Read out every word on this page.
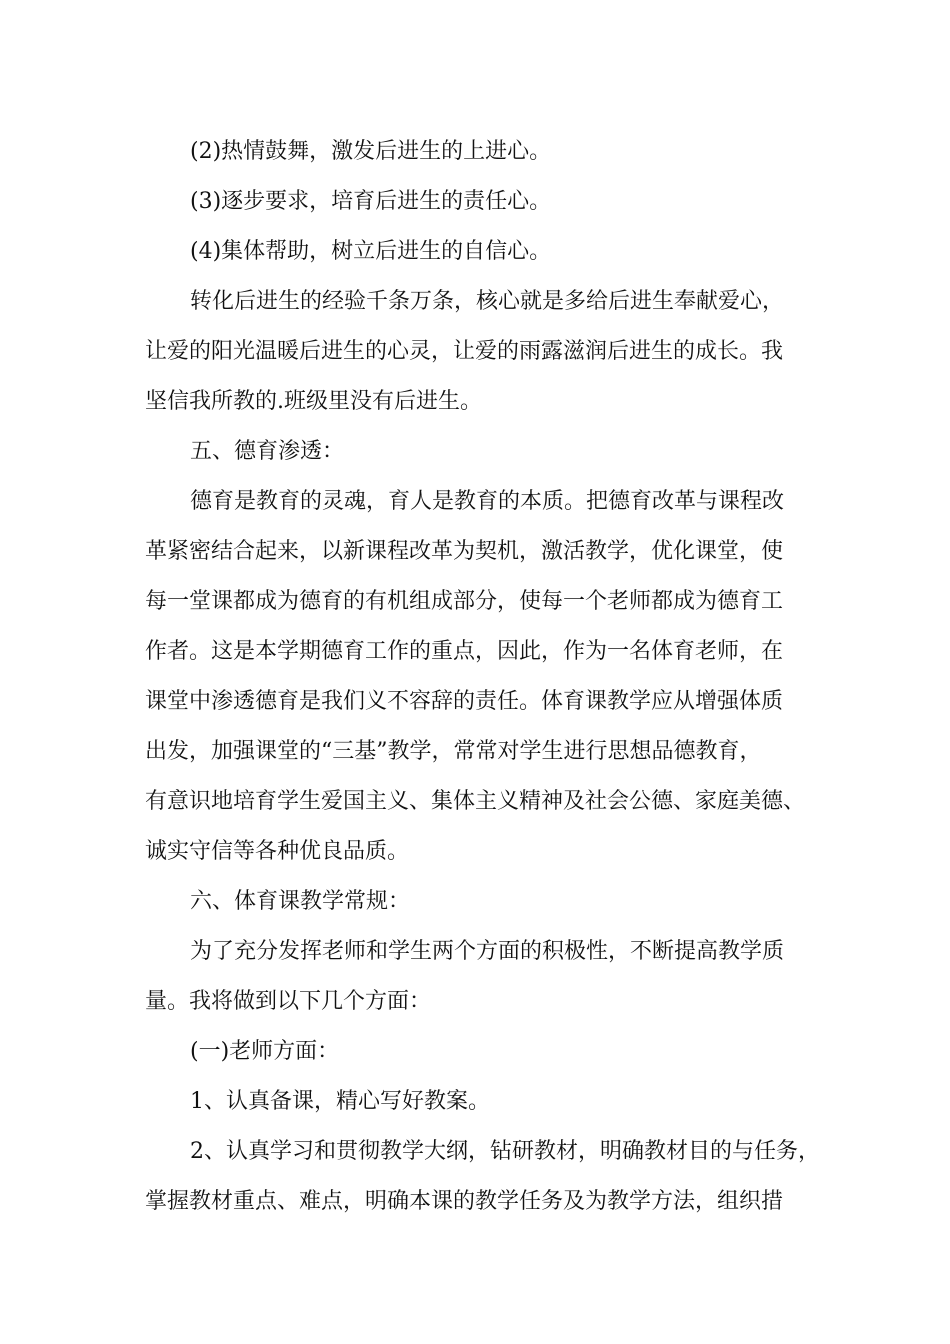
(2)热情鼓舞，激发后进生的上进心。
(3)逐步要求，培育后进生的责任心。
(4)集体帮助，树立后进生的自信心。
转化后进生的经验千条万条，核心就是多给后进生奉献爱心，
让爱的阳光温暖后进生的心灵，让爱的雨露滋润后进生的成长。我
坚信我所教的.班级里没有后进生。
五、德育渗透：
德育是教育的灵魂，育人是教育的本质。把德育改革与课程改
革紧密结合起来，以新课程改革为契机，激活教学，优化课堂，使
每一堂课都成为德育的有机组成部分，使每一个老师都成为德育工
作者。这是本学期德育工作的重点，因此，作为一名体育老师，在
课堂中渗透德育是我们义不容辞的责任。体育课教学应从增强体质
出发，加强课堂的“三基”教学，常常对学生进行思想品德教育，
有意识地培育学生爱国主义、集体主义精神及社会公德、家庭美德、
诚实守信等各种优良品质。
六、体育课教学常规：
为了充分发挥老师和学生两个方面的积极性，不断提高教学质
量。我将做到以下几个方面：
(一)老师方面：
1、认真备课，精心写好教案。
2、认真学习和贯彻教学大纲，钻研教材，明确教材目的与任务，
掌握教材重点、难点，明确本课的教学任务及为教学方法，组织措
